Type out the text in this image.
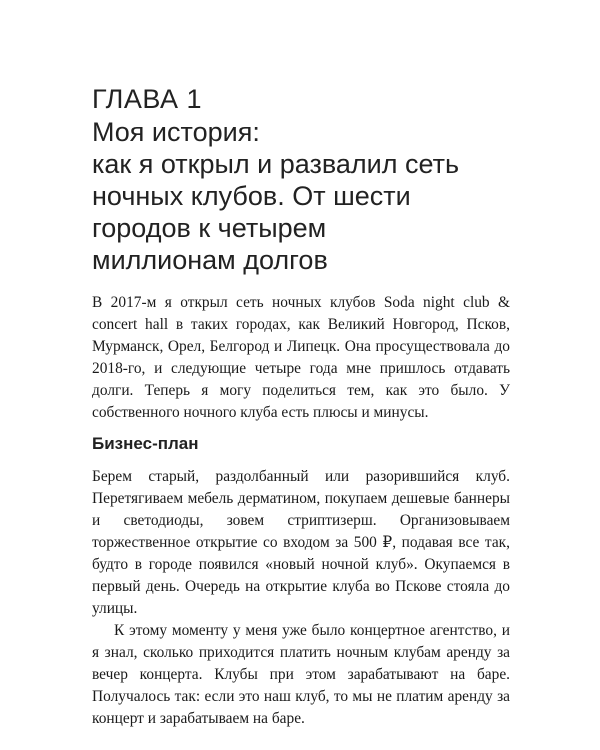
ГЛАВА 1
Моя история:
как я открыл и развалил сеть
ночных клубов. От шести
городов к четырем
миллионам долгов

В 2017-м я открыл сеть ночных клубов Soda night club & concert hall в таких городах, как Великий Новгород, Псков, Мурманск, Орел, Белгород и Липецк. Она просуществовала до 2018-го, и следующие четыре года мне пришлось отдавать долги. Теперь я могу поделиться тем, как это было. У собственного ночного клуба есть плюсы и минусы.

Бизнес-план

Берем старый, раздолбанный или разорившийся клуб. Перетягиваем мебель дерматином, покупаем дешевые баннеры и светодиоды, зовем стриптизерш. Организовываем торжественное открытие со входом за 500 ₽, подавая все так, будто в городе появился «новый ночной клуб». Окупаемся в первый день. Очередь на открытие клуба во Пскове стояла до улицы.

К этому моменту у меня уже было концертное агентство, и я знал, сколько приходится платить ночным клубам аренду за вечер концерта. Клубы при этом зарабатывают на баре. Получалось так: если это наш клуб, то мы не платим аренду за концерт и зарабатываем на баре.
